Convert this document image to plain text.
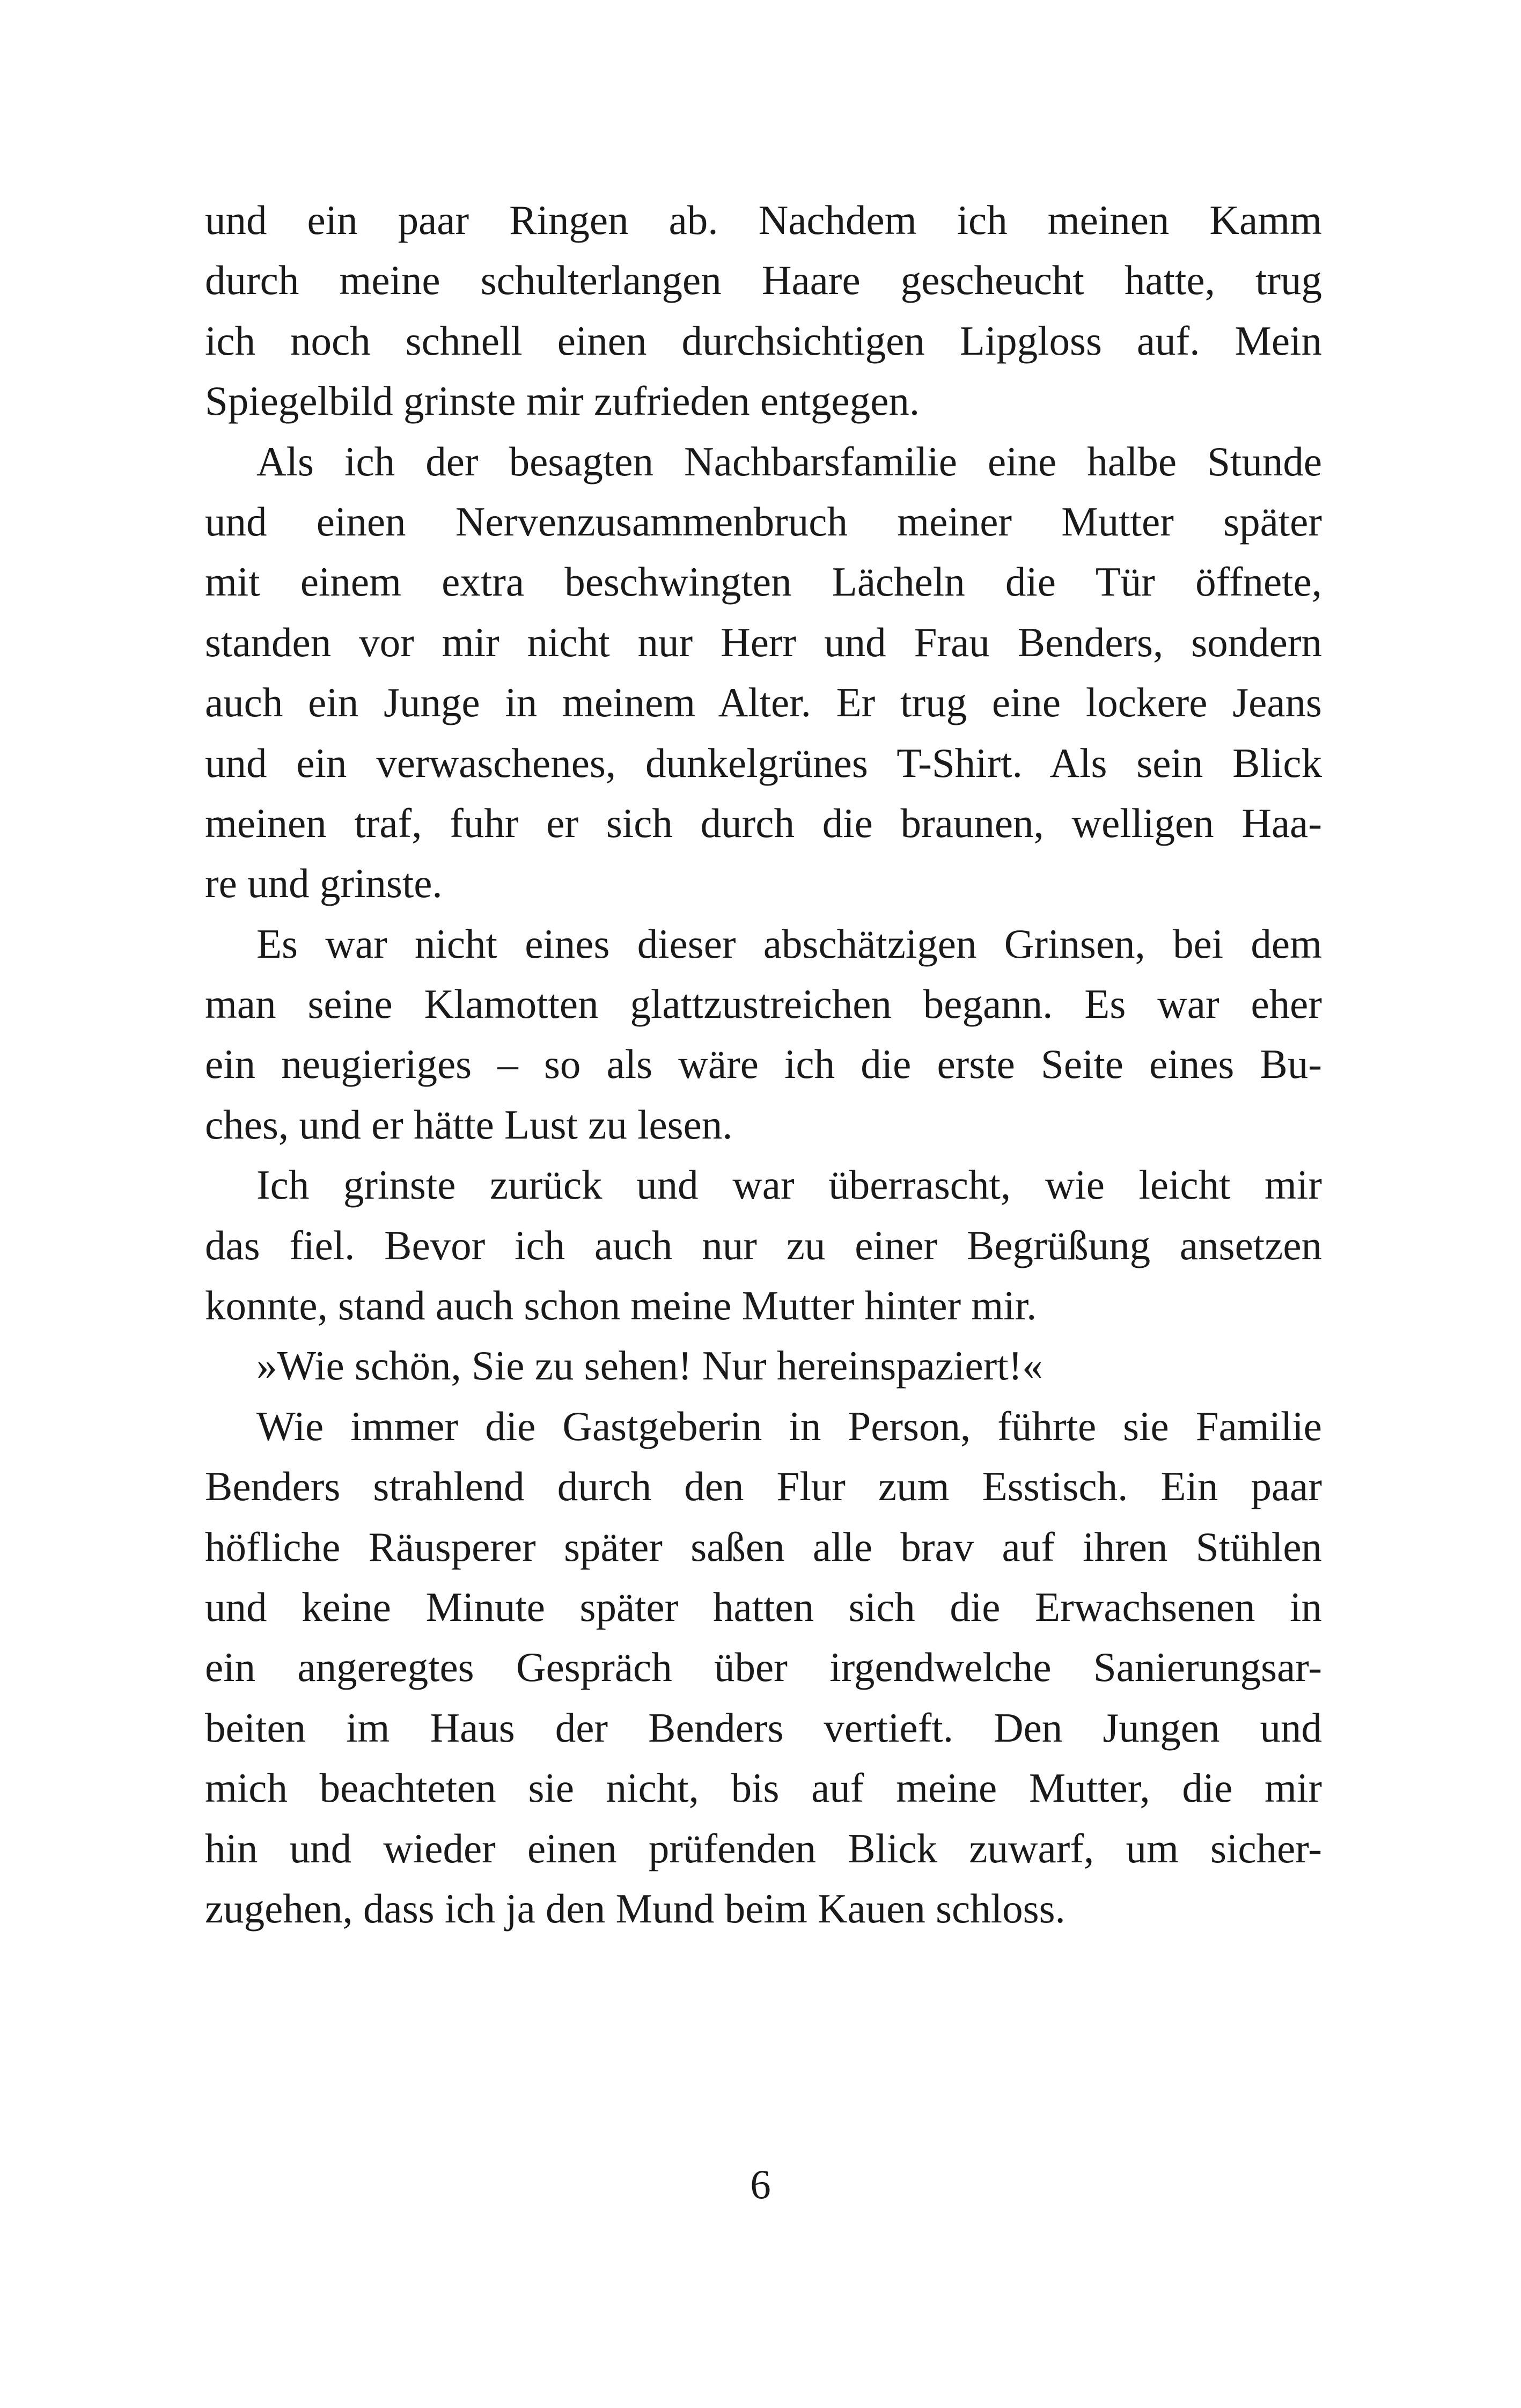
und ein paar Ringen ab. Nachdem ich meinen Kamm
durch meine schulterlangen Haare gescheucht hatte, trug
ich noch schnell einen durchsichtigen Lipgloss auf. Mein
Spiegelbild grinste mir zufrieden entgegen.
Als ich der besagten Nachbarsfamilie eine halbe Stunde
und einen Nervenzusammenbruch meiner Mutter später
mit einem extra beschwingten Lächeln die Tür öffnete,
standen vor mir nicht nur Herr und Frau Benders, sondern
auch ein Junge in meinem Alter. Er trug eine lockere Jeans
und ein verwaschenes, dunkelgrünes T-Shirt. Als sein Blick
meinen traf, fuhr er sich durch die braunen, welligen Haa-
re und grinste.
Es war nicht eines dieser abschätzigen Grinsen, bei dem
man seine Klamotten glattzustreichen begann. Es war eher
ein neugieriges – so als wäre ich die erste Seite eines Bu-
ches, und er hätte Lust zu lesen.
Ich grinste zurück und war überrascht, wie leicht mir
das fiel. Bevor ich auch nur zu einer Begrüßung ansetzen
konnte, stand auch schon meine Mutter hinter mir.
»Wie schön, Sie zu sehen! Nur hereinspaziert!«
Wie immer die Gastgeberin in Person, führte sie Familie
Benders strahlend durch den Flur zum Esstisch. Ein paar
höfliche Räusperer später saßen alle brav auf ihren Stühlen
und keine Minute später hatten sich die Erwachsenen in
ein angeregtes Gespräch über irgendwelche Sanierungsar-
beiten im Haus der Benders vertieft. Den Jungen und
mich beachteten sie nicht, bis auf meine Mutter, die mir
hin und wieder einen prüfenden Blick zuwarf, um sicher-
zugehen, dass ich ja den Mund beim Kauen schloss.
6
